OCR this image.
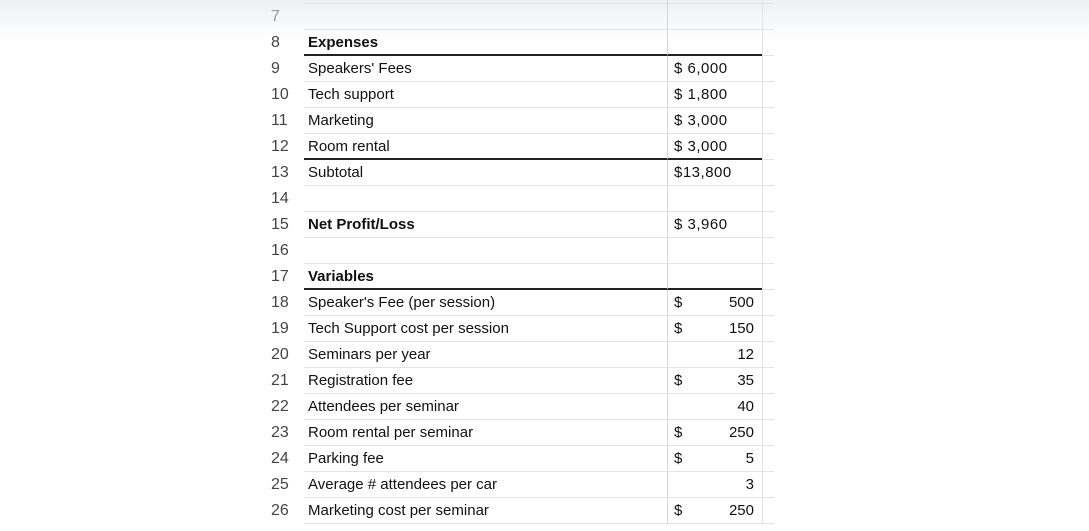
7
8	Expenses
9	Speakers' Fees	$ 6,000
10	Tech support	$ 1,800
11	Marketing	$ 3,000
12	Room rental	$ 3,000
13	Subtotal	$13,800
14
15	Net Profit/Loss	$ 3,960
16
17	Variables
18	Speaker's Fee (per session)	$	500
19	Tech Support cost per session	$	150
20	Seminars per year	12
21	Registration fee	$	35
22	Attendees per seminar	40
23	Room rental per seminar	$	250
24	Parking fee	$	5
25	Average # attendees per car	3
26	Marketing cost per seminar	$	250
